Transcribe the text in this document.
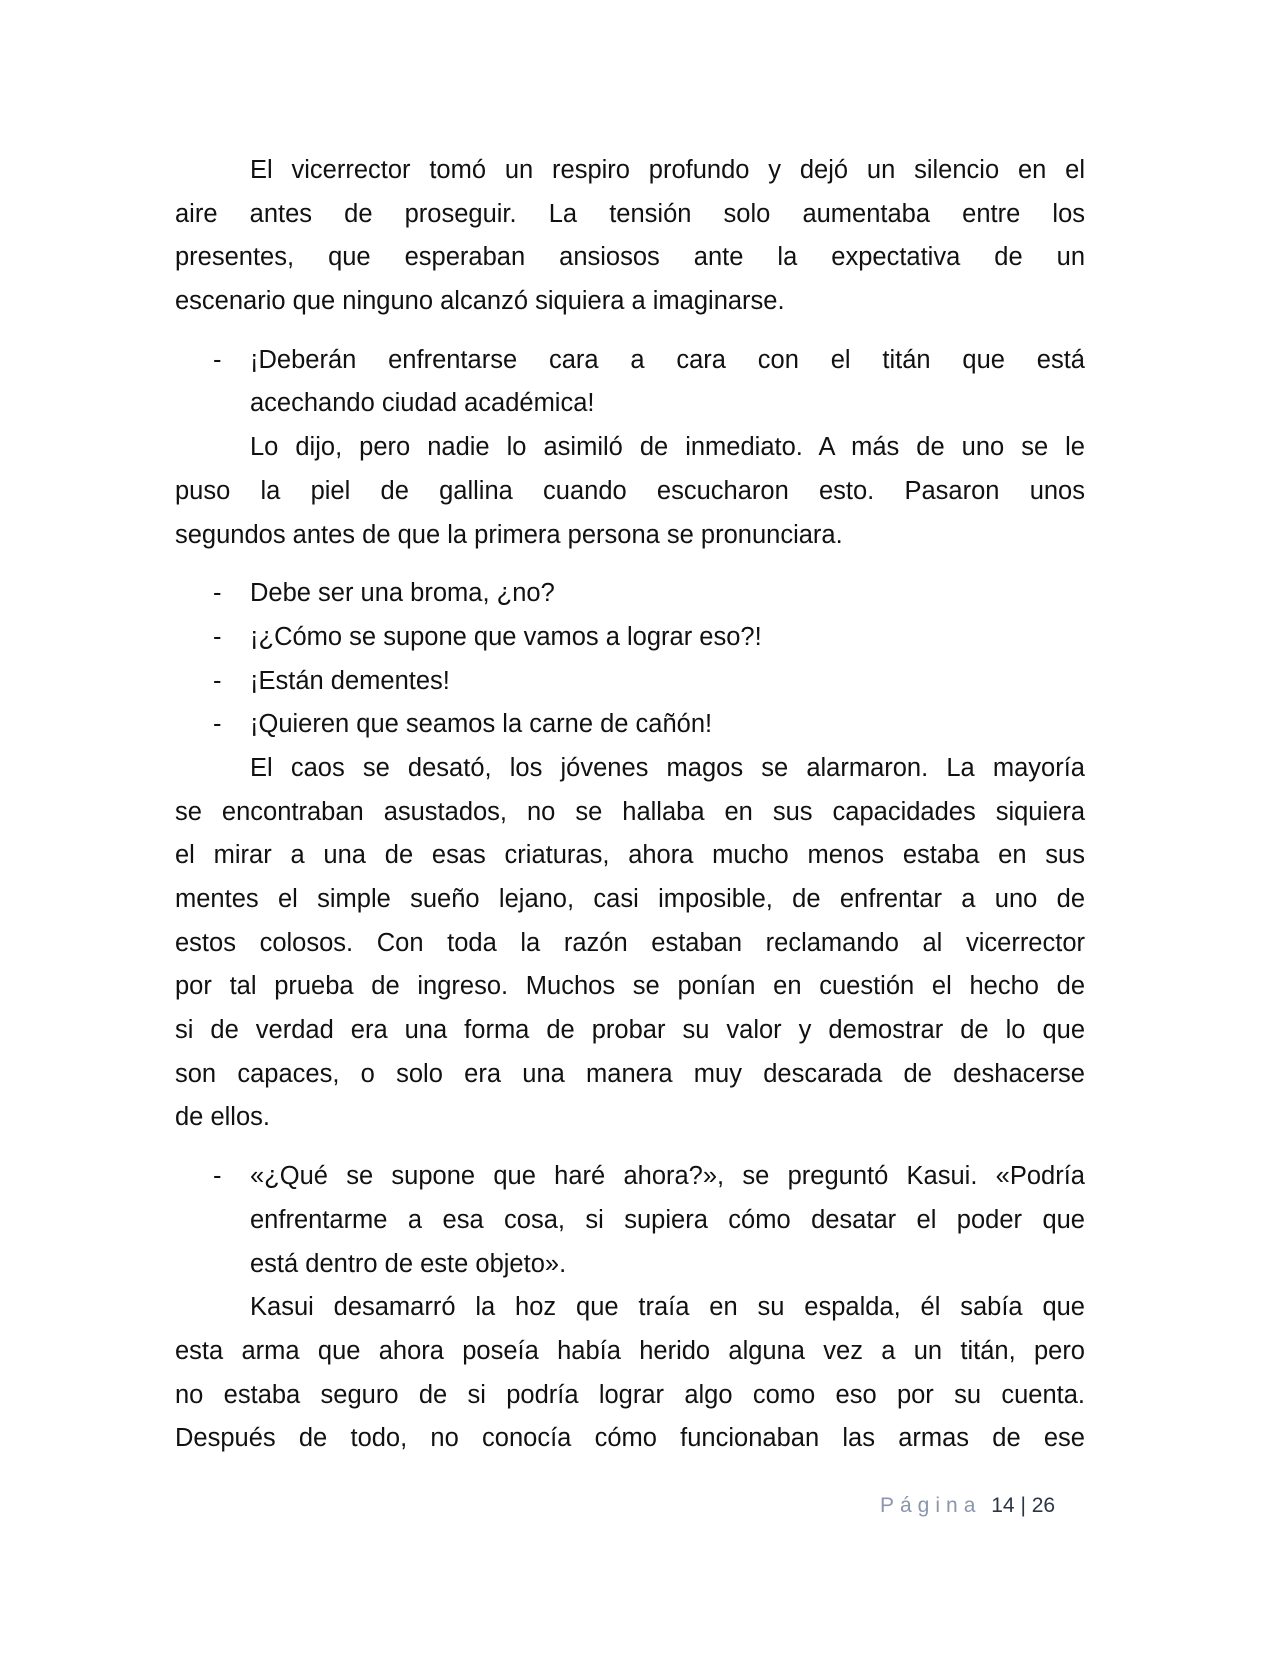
El vicerrector tomó un respiro profundo y dejó un silencio en el
aire antes de proseguir. La tensión solo aumentaba entre los
presentes, que esperaban ansiosos ante la expectativa de un
escenario que ninguno alcanzó siquiera a imaginarse.
- ¡Deberán enfrentarse cara a cara con el titán que está
acechando ciudad académica!
Lo dijo, pero nadie lo asimiló de inmediato. A más de uno se le
puso la piel de gallina cuando escucharon esto. Pasaron unos
segundos antes de que la primera persona se pronunciara.
- Debe ser una broma, ¿no?
- ¡¿Cómo se supone que vamos a lograr eso?!
- ¡Están dementes!
- ¡Quieren que seamos la carne de cañón!
El caos se desató, los jóvenes magos se alarmaron. La mayoría
se encontraban asustados, no se hallaba en sus capacidades siquiera
el mirar a una de esas criaturas, ahora mucho menos estaba en sus
mentes el simple sueño lejano, casi imposible, de enfrentar a uno de
estos colosos. Con toda la razón estaban reclamando al vicerrector
por tal prueba de ingreso. Muchos se ponían en cuestión el hecho de
si de verdad era una forma de probar su valor y demostrar de lo que
son capaces, o solo era una manera muy descarada de deshacerse
de ellos.
- «¿Qué se supone que haré ahora?», se preguntó Kasui. «Podría
enfrentarme a esa cosa, si supiera cómo desatar el poder que
está dentro de este objeto».
Kasui desamarró la hoz que traía en su espalda, él sabía que
esta arma que ahora poseía había herido alguna vez a un titán, pero
no estaba seguro de si podría lograr algo como eso por su cuenta.
Después de todo, no conocía cómo funcionaban las armas de ese
Página 14 | 26
